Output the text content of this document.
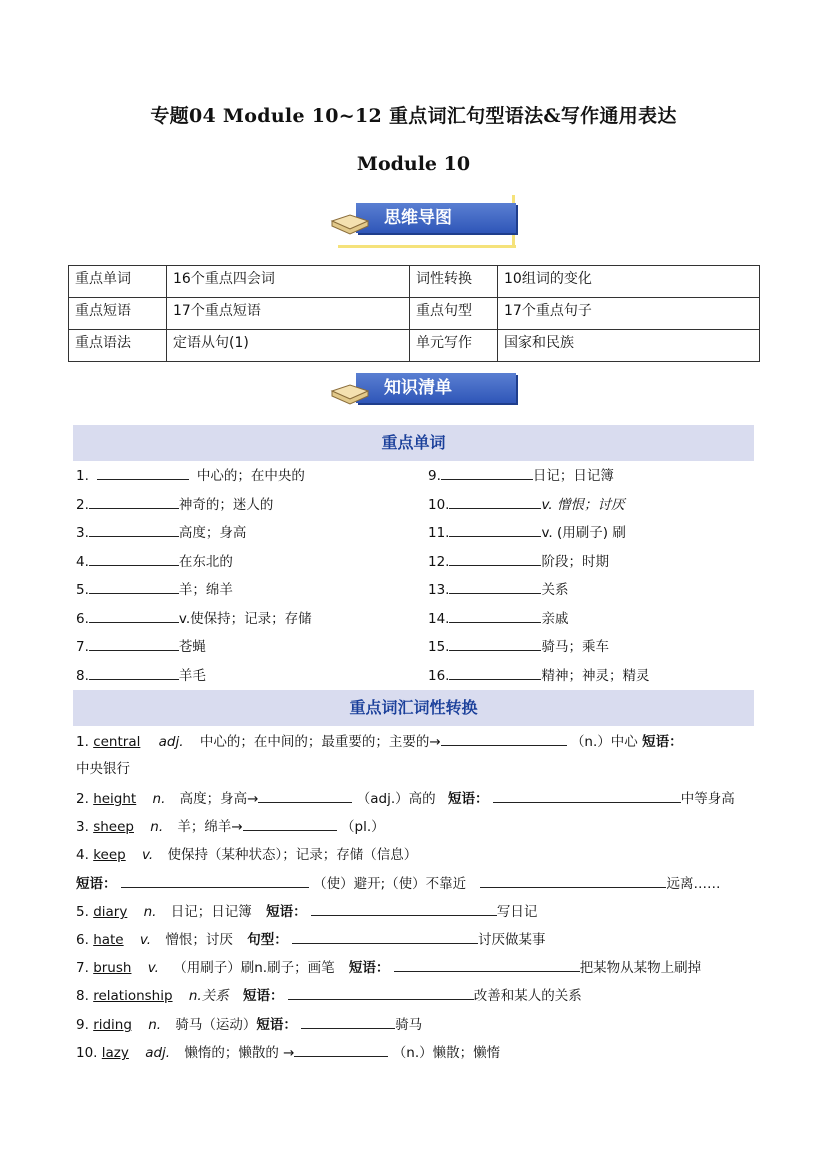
专题04 Module 10~12 重点词汇句型语法&写作通用表达
Module 10
思维导图
重点单词	16个重点四会词	词性转换	10组词的变化
重点短语	17个重点短语	重点句型	17个重点句子
重点语法	定语从句(1)	单元写作	国家和民族
知识清单
重点单词
1.	中心的；在中央的
2.	神奇的；迷人的
3.	高度；身高
4.	在东北的
5.	羊；绵羊
6.	v.使保持；记录；存储
7.	苍蝇
8.	羊毛
9.	日记；日记簿
10.	v. 憎恨；讨厌
11.	v. (用刷子) 刷
12.	阶段；时期
13.	关系
14.	亲戚
15.	骑马；乘车
16.	精神；神灵；精灵
重点词汇词性转换
1. central adj. 中心的；在中间的；最重要的；主要的→	（n.）中心 短语：
中央银行
2. height n. 高度；身高→	（adj.）高的 短语：	中等身高
3. sheep n. 羊；绵羊→	（pl.）
4. keep v. 使保持（某种状态）；记录；存储（信息）
短语：	（使）避开;（使）不靠近	远离……
5. diary n. 日记；日记簿 短语：	写日记
6. hate v. 憎恨；讨厌 句型：	讨厌做某事
7. brush v. （用刷子）刷n.刷子；画笔 短语：	把某物从某物上刷掉
8. relationship n.关系 短语：	改善和某人的关系
9. riding n. 骑马（运动）短语：	骑马
10. lazy adj. 懒惰的；懒散的 →	（n.）懒散；懒惰
